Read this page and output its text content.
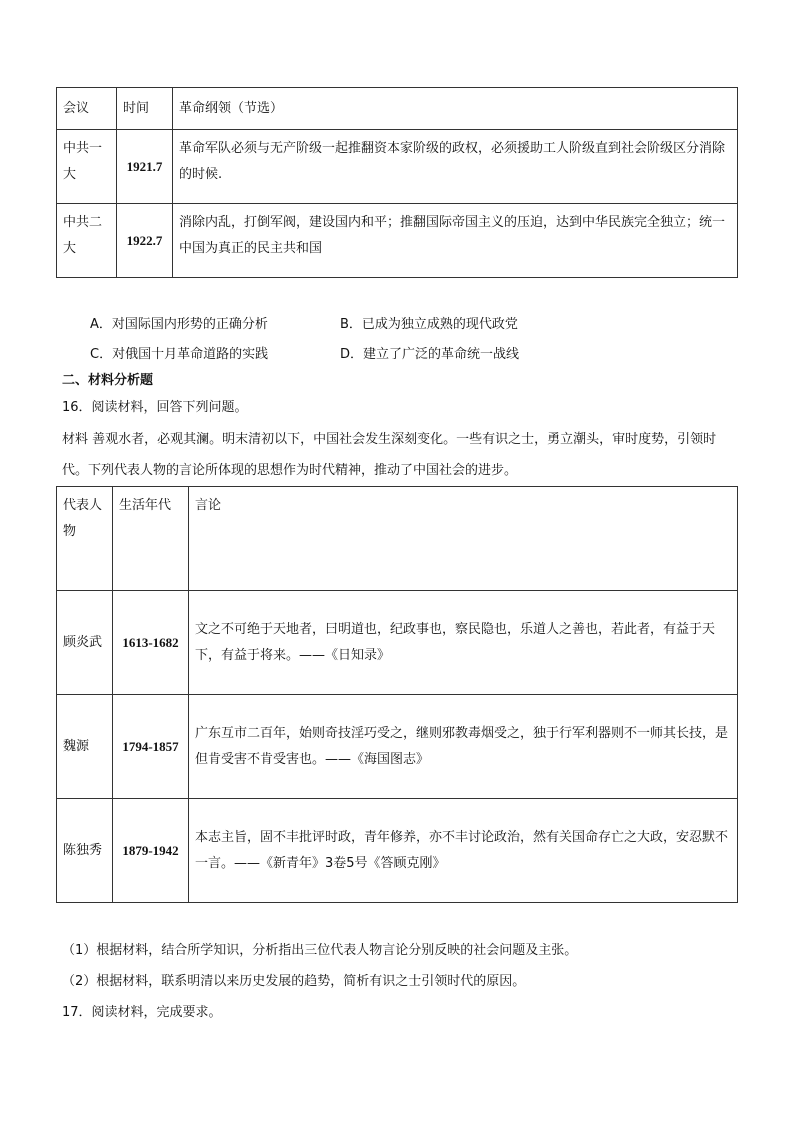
会议	时间	革命纲领（节选）
中共一大	1921.7	革命军队必须与无产阶级一起推翻资本家阶级的政权，必须援助工人阶级直到社会阶级区分消除的时候.
中共二大	1922.7	消除内乱，打倒军阀，建设国内和平；推翻国际帝国主义的压迫，达到中华民族完全独立；统一中国为真正的民主共和国
A．对国际国内形势的正确分析	B．已成为独立成熟的现代政党
C．对俄国十月革命道路的实践	D．建立了广泛的革命统一战线
二、材料分析题
16．阅读材料，回答下列问题。
材料 善观水者，必观其澜。明末清初以下，中国社会发生深刻变化。一些有识之士，勇立潮头，审时度势，引领时代。下列代表人物的言论所体现的思想作为时代精神，推动了中国社会的进步。
代表人物	生活年代	言论
顾炎武	1613-1682	文之不可绝于天地者，曰明道也，纪政事也，察民隐也，乐道人之善也，若此者，有益于天下，有益于将来。——《日知录》
魏源	1794-1857	广东互市二百年，始则奇技淫巧受之，继则邪教毒烟受之，独于行军利器则不一师其长技，是但肯受害不肯受害也。——《海国图志》
陈独秀	1879-1942	本志主旨，固不丰批评时政，青年修养，亦不丰讨论政治，然有关国命存亡之大政，安忍默不一言。——《新青年》3卷5号《答顾克刚》
（1）根据材料，结合所学知识，分析指出三位代表人物言论分别反映的社会问题及主张。
（2）根据材料，联系明清以来历史发展的趋势，简析有识之士引领时代的原因。
17．阅读材料，完成要求。
